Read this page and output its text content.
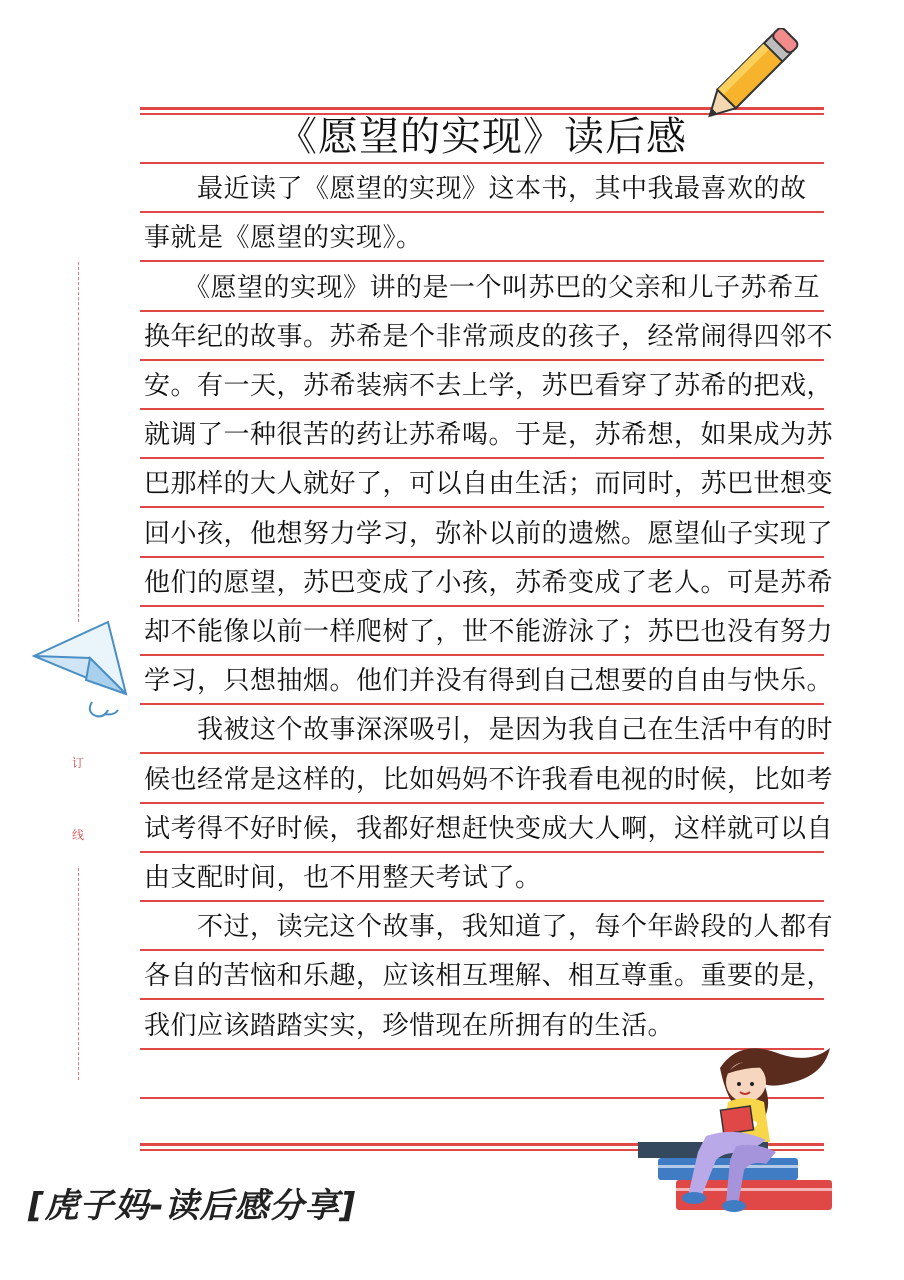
《愿望的实现》读后感
　　最近读了《愿望的实现》这本书，其中我最喜欢的故
事就是《愿望的实现》。
　　《愿望的实现》讲的是一个叫苏巴的父亲和儿子苏希互
换年纪的故事。苏希是个非常顽皮的孩子，经常闹得四邻不
安。有一天，苏希装病不去上学，苏巴看穿了苏希的把戏，
就调了一种很苦的药让苏希喝。于是，苏希想，如果成为苏
巴那样的大人就好了，可以自由生活；而同时，苏巴世想变
回小孩，他想努力学习，弥补以前的遗燃。愿望仙子实现了
他们的愿望，苏巴变成了小孩，苏希变成了老人。可是苏希
却不能像以前一样爬树了，世不能游泳了；苏巴也没有努力
学习，只想抽烟。他们并没有得到自己想要的自由与快乐。
　　我被这个故事深深吸引，是因为我自己在生活中有的时
候也经常是这样的，比如妈妈不许我看电视的时候，比如考
试考得不好时候，我都好想赶快变成大人啊，这样就可以自
由支配时间，也不用整天考试了。
　　不过，读完这个故事，我知道了，每个年龄段的人都有
各自的苦恼和乐趣，应该相互理解、相互尊重。重要的是，
我们应该踏踏实实，珍惜现在所拥有的生活。
订
线
[虎子妈-读后感分享]
